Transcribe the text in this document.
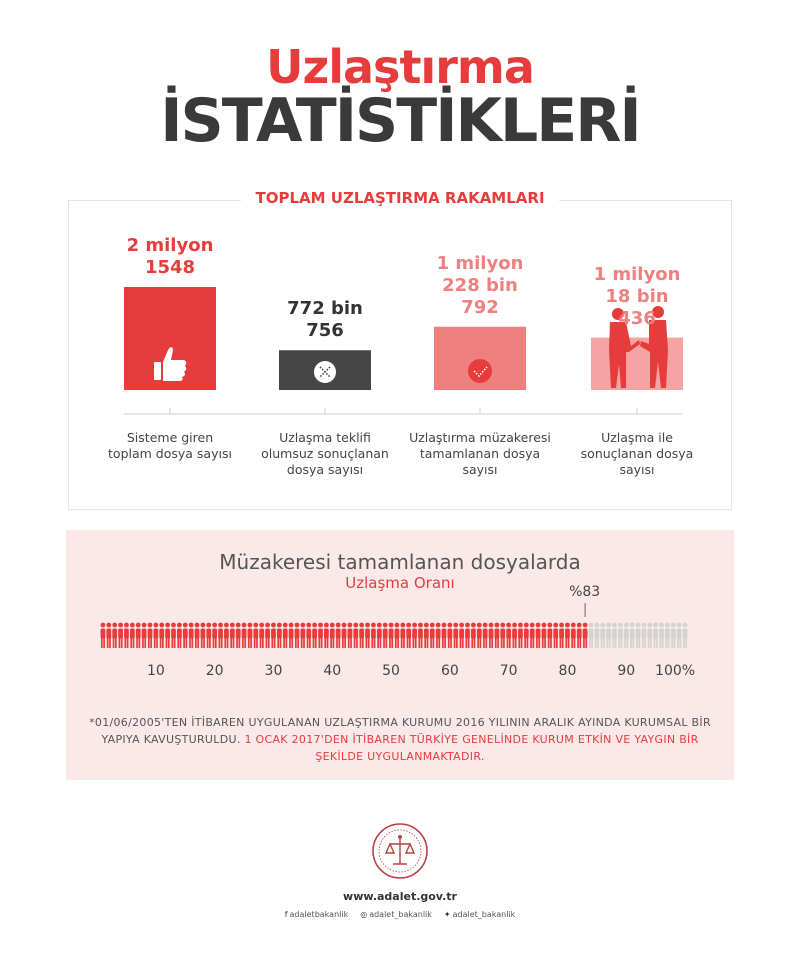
Uzlaştırma
İSTATİSTİKLERİ
TOPLAM UZLAŞTIRMA RAKAMLARI
2 milyon
1548
Sisteme giren
toplam dosya sayısı
772 bin
756
Uzlaşma teklifi
olumsuz sonuçlanan
dosya sayısı
1 milyon
228 bin
792
Uzlaştırma müzakeresi
tamamlanan dosya
sayısı
1 milyon
18 bin
436
Uzlaşma ile
sonuçlanan dosya
sayısı
Müzakeresi tamamlanan dosyalarda
Uzlaşma Oranı
10	20	30	40	50	60	70	80	90	100%
%83
*01/06/2005'TEN İTİBAREN UYGULANAN UZLAŞTIRMA KURUMU 2016 YILININ ARALIK AYINDA KURUMSAL BİR YAPIYA KAVUŞTURULDU. 1 OCAK 2017'DEN İTİBAREN TÜRKİYE GENELİNDE KURUM ETKİN VE YAYGIN BİR ŞEKİLDE UYGULANMAKTADIR.
www.adalet.gov.tr
f adaletbakanlik ◎ adalet_bakanlik ✦ adalet_bakanlik
